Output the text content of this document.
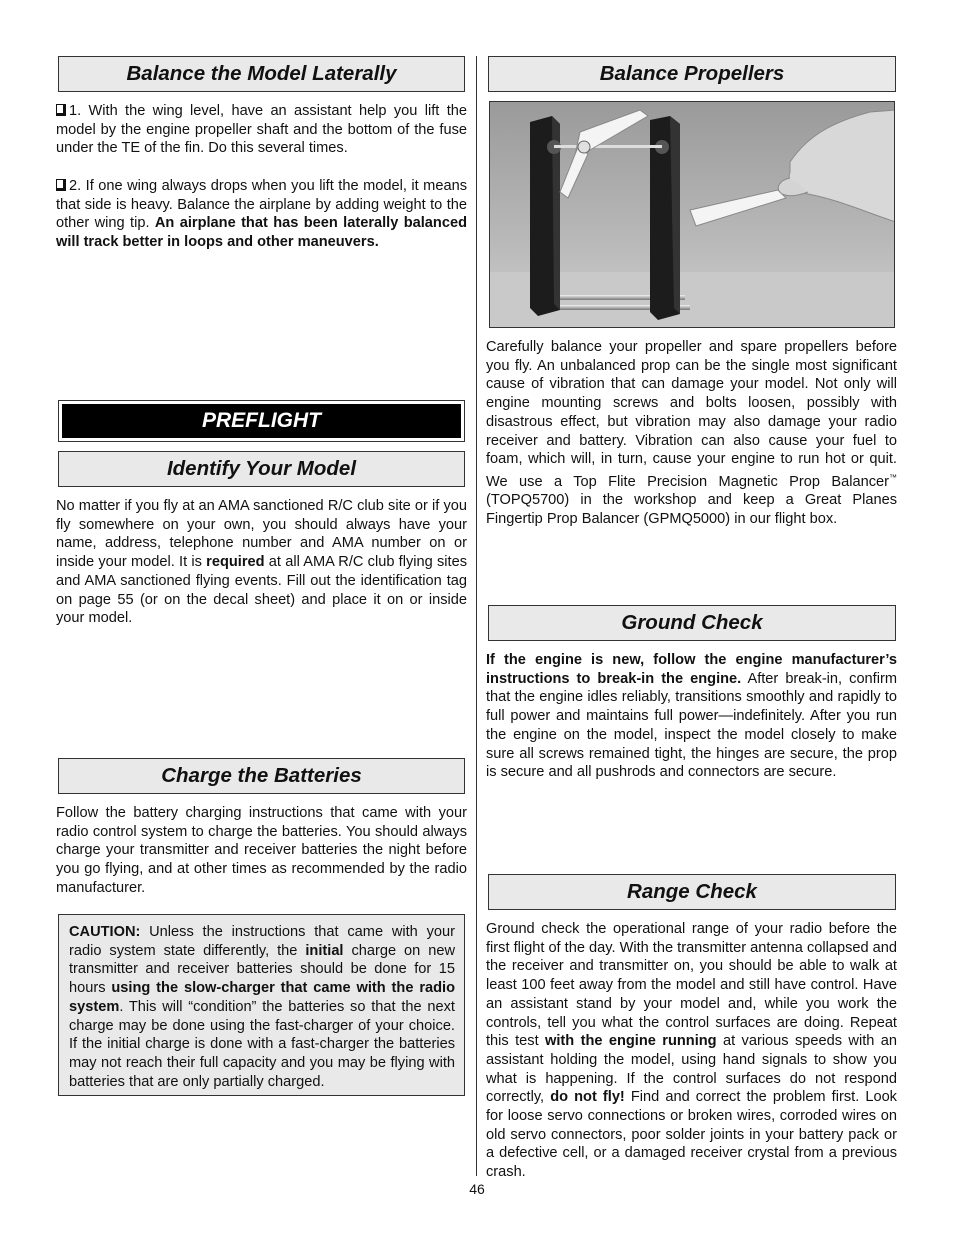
Balance the Model Laterally

1. With the wing level, have an assistant help you lift the model by the engine propeller shaft and the bottom of the fuse under the TE of the fin. Do this several times.

2. If one wing always drops when you lift the model, it means that side is heavy. Balance the airplane by adding weight to the other wing tip. An airplane that has been laterally balanced will track better in loops and other maneuvers.

PREFLIGHT
Identify Your Model

No matter if you fly at an AMA sanctioned R/C club site or if you fly somewhere on your own, you should always have your name, address, telephone number and AMA number on or inside your model. It is required at all AMA R/C club flying sites and AMA sanctioned flying events. Fill out the identification tag on page 55 (or on the decal sheet) and place it on or inside your model.

Charge the Batteries

Follow the battery charging instructions that came with your radio control system to charge the batteries. You should always charge your transmitter and receiver batteries the night before you go flying, and at other times as recommended by the radio manufacturer.

CAUTION: Unless the instructions that came with your radio system state differently, the initial charge on new transmitter and receiver batteries should be done for 15 hours using the slow-charger that came with the radio system. This will “condition” the batteries so that the next charge may be done using the fast-charger of your choice. If the initial charge is done with a fast-charger the batteries may not reach their full capacity and you may be flying with batteries that are only partially charged.
Balance Propellers

Carefully balance your propeller and spare propellers before you fly. An unbalanced prop can be the single most significant cause of vibration that can damage your model. Not only will engine mounting screws and bolts loosen, possibly with disastrous effect, but vibration may also damage your radio receiver and battery. Vibration can also cause your fuel to foam, which will, in turn, cause your engine to run hot or quit. We use a Top Flite Precision Magnetic Prop Balancer™ (TOPQ5700) in the workshop and keep a Great Planes Fingertip Prop Balancer (GPMQ5000) in our flight box.

Ground Check

If the engine is new, follow the engine manufacturer’s instructions to break-in the engine. After break-in, confirm that the engine idles reliably, transitions smoothly and rapidly to full power and maintains full power—indefinitely. After you run the engine on the model, inspect the model closely to make sure all screws remained tight, the hinges are secure, the prop is secure and all pushrods and connectors are secure.

Range Check

Ground check the operational range of your radio before the first flight of the day. With the transmitter antenna collapsed and the receiver and transmitter on, you should be able to walk at least 100 feet away from the model and still have control. Have an assistant stand by your model and, while you work the controls, tell you what the control surfaces are doing. Repeat this test with the engine running at various speeds with an assistant holding the model, using hand signals to show you what is happening. If the control surfaces do not respond correctly, do not fly! Find and correct the problem first. Look for loose servo connections or broken wires, corroded wires on old servo connectors, poor solder joints in your battery pack or a defective cell, or a damaged receiver crystal from a previous crash.

46
